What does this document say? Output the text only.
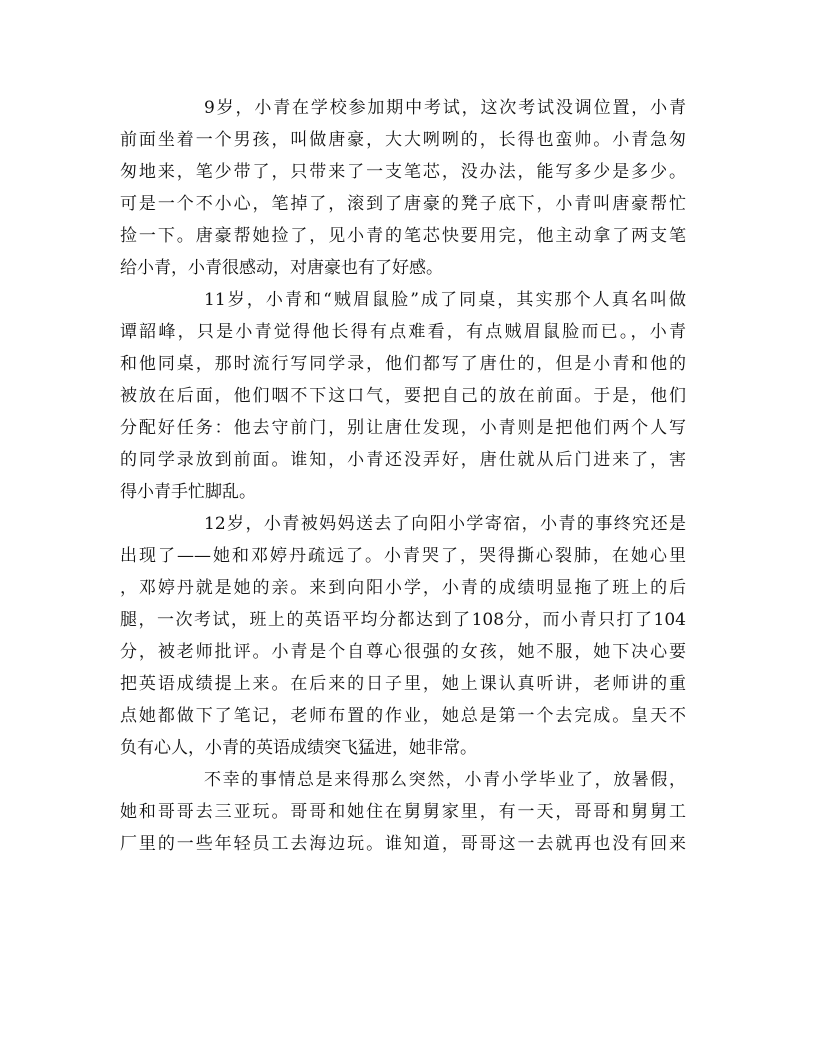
9岁，小青在学校参加期中考试，这次考试没调位置，小青
前面坐着一个男孩，叫做唐豪，大大咧咧的，长得也蛮帅。小青急匆
匆地来，笔少带了，只带来了一支笔芯，没办法，能写多少是多少。
可是一个不小心，笔掉了，滚到了唐豪的凳子底下，小青叫唐豪帮忙
捡一下。唐豪帮她捡了，见小青的笔芯快要用完，他主动拿了两支笔
给小青，小青很感动，对唐豪也有了好感。
11岁，小青和“贼眉鼠脸”成了同桌，其实那个人真名叫做
谭韶峰，只是小青觉得他长得有点难看，有点贼眉鼠脸而已。，小青
和他同桌，那时流行写同学录，他们都写了唐仕的，但是小青和他的
被放在后面，他们咽不下这口气，要把自己的放在前面。于是，他们
分配好任务：他去守前门，别让唐仕发现，小青则是把他们两个人写
的同学录放到前面。谁知，小青还没弄好，唐仕就从后门进来了，害
得小青手忙脚乱。
12岁，小青被妈妈送去了向阳小学寄宿，小青的事终究还是
出现了——她和邓婷丹疏远了。小青哭了，哭得撕心裂肺，在她心里
，邓婷丹就是她的亲。来到向阳小学，小青的成绩明显拖了班上的后
腿，一次考试，班上的英语平均分都达到了108分，而小青只打了104
分，被老师批评。小青是个自尊心很强的女孩，她不服，她下决心要
把英语成绩提上来。在后来的日子里，她上课认真听讲，老师讲的重
点她都做下了笔记，老师布置的作业，她总是第一个去完成。皇天不
负有心人，小青的英语成绩突飞猛进，她非常。
不幸的事情总是来得那么突然，小青小学毕业了，放暑假，
她和哥哥去三亚玩。哥哥和她住在舅舅家里，有一天，哥哥和舅舅工
厂里的一些年轻员工去海边玩。谁知道，哥哥这一去就再也没有回来
